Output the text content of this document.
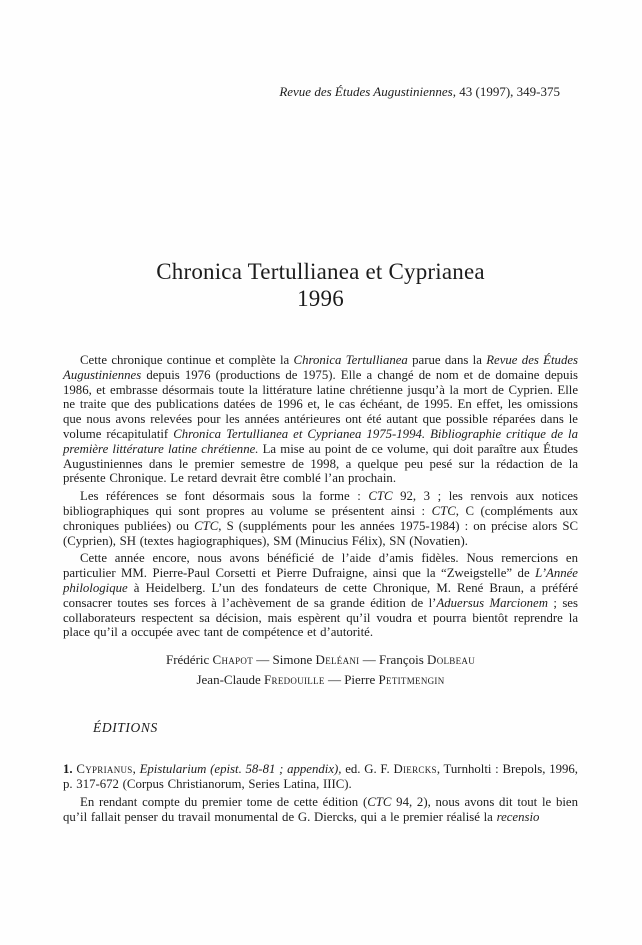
Revue des Études Augustiniennes, 43 (1997), 349-375
Chronica Tertullianea et Cyprianea
1996

Cette chronique continue et complète la Chronica Tertullianea parue dans la Revue des Études Augustiniennes depuis 1976 (productions de 1975). Elle a changé de nom et de domaine depuis 1986, et embrasse désormais toute la littérature latine chrétienne jusqu’à la mort de Cyprien. Elle ne traite que des publications datées de 1996 et, le cas échéant, de 1995. En effet, les omissions que nous avons relevées pour les années antérieures ont été autant que possible réparées dans le volume récapitulatif Chronica Tertullianea et Cyprianea 1975-1994. Bibliographie critique de la première littérature latine chrétienne. La mise au point de ce volume, qui doit paraître aux Études Augustiniennes dans le premier semestre de 1998, a quelque peu pesé sur la rédaction de la présente Chronique. Le retard devrait être comblé l’an prochain.

Les références se font désormais sous la forme : CTC 92, 3 ; les renvois aux notices bibliographiques qui sont propres au volume se présentent ainsi : CTC, C (compléments aux chroniques publiées) ou CTC, S (suppléments pour les années 1975-1984) : on précise alors SC (Cyprien), SH (textes hagiographiques), SM (Minucius Félix), SN (Novatien).

Cette année encore, nous avons bénéficié de l’aide d’amis fidèles. Nous remercions en particulier MM. Pierre-Paul Corsetti et Pierre Dufraigne, ainsi que la “Zweigstelle” de L’Année philologique à Heidelberg. L’un des fondateurs de cette Chronique, M. René Braun, a préféré consacrer toutes ses forces à l’achèvement de sa grande édition de l’Aduersus Marcionem ; ses collaborateurs respectent sa décision, mais espèrent qu’il voudra et pourra bientôt reprendre la place qu’il a occupée avec tant de compétence et d’autorité.

Frédéric Chapot — Simone Deléani — François Dolbeau
Jean-Claude Fredouille — Pierre Petitmengin
ÉDITIONS

1. Cyprianus, Epistularium (epist. 58-81 ; appendix), ed. G. F. Diercks, Turnholti : Brepols, 1996, p. 317-672 (Corpus Christianorum, Series Latina, IIIC).

En rendant compte du premier tome de cette édition (CTC 94, 2), nous avons dit tout le bien qu’il fallait penser du travail monumental de G. Diercks, qui a le premier réalisé la recensio
